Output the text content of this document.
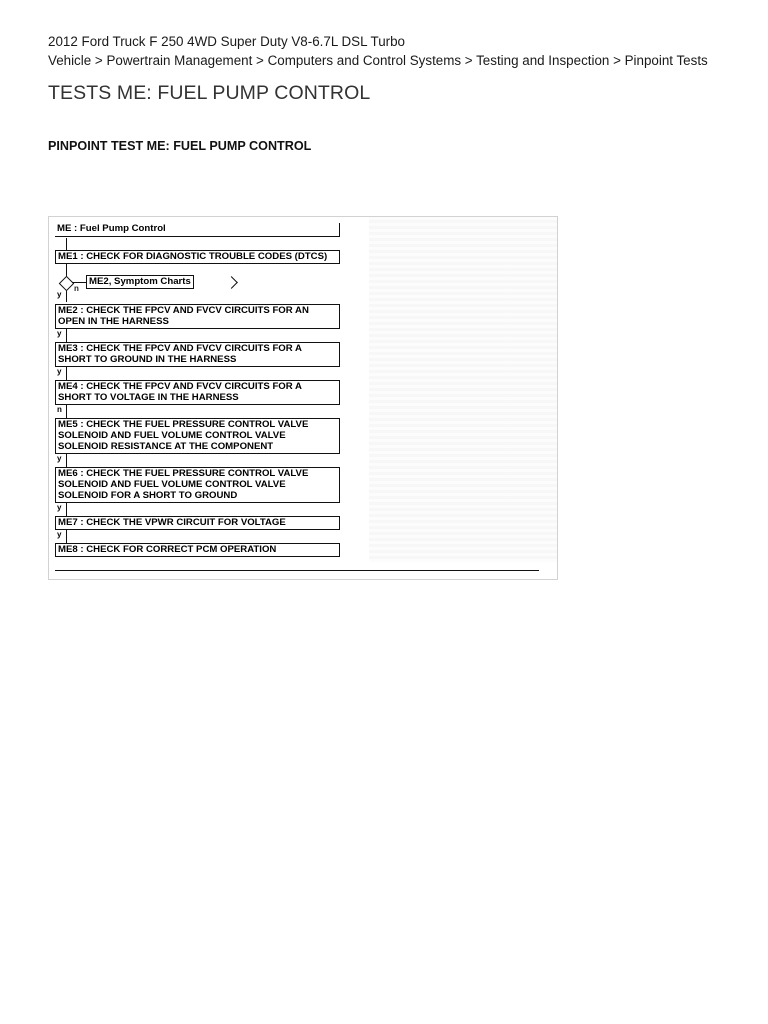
2012 Ford Truck F 250 4WD Super Duty V8-6.7L DSL Turbo
Vehicle > Powertrain Management > Computers and Control Systems > Testing and Inspection > Pinpoint Tests
TESTS ME: FUEL PUMP CONTROL
PINPOINT TEST ME: FUEL PUMP CONTROL
ME : Fuel Pump Control
ME1 : CHECK FOR DIAGNOSTIC TROUBLE CODES (DTCS)
n
ME2, Symptom Charts
y
ME2 : CHECK THE FPCV AND FVCV CIRCUITS FOR AN
OPEN IN THE HARNESS
y
ME3 : CHECK THE FPCV AND FVCV CIRCUITS FOR A
SHORT TO GROUND IN THE HARNESS
y
ME4 : CHECK THE FPCV AND FVCV CIRCUITS FOR A
SHORT TO VOLTAGE IN THE HARNESS
n
ME5 : CHECK THE FUEL PRESSURE CONTROL VALVE
SOLENOID AND FUEL VOLUME CONTROL VALVE
SOLENOID RESISTANCE AT THE COMPONENT
y
ME6 : CHECK THE FUEL PRESSURE CONTROL VALVE
SOLENOID AND FUEL VOLUME CONTROL VALVE
SOLENOID FOR A SHORT TO GROUND
y
ME7 : CHECK THE VPWR CIRCUIT FOR VOLTAGE
y
ME8 : CHECK FOR CORRECT PCM OPERATION
